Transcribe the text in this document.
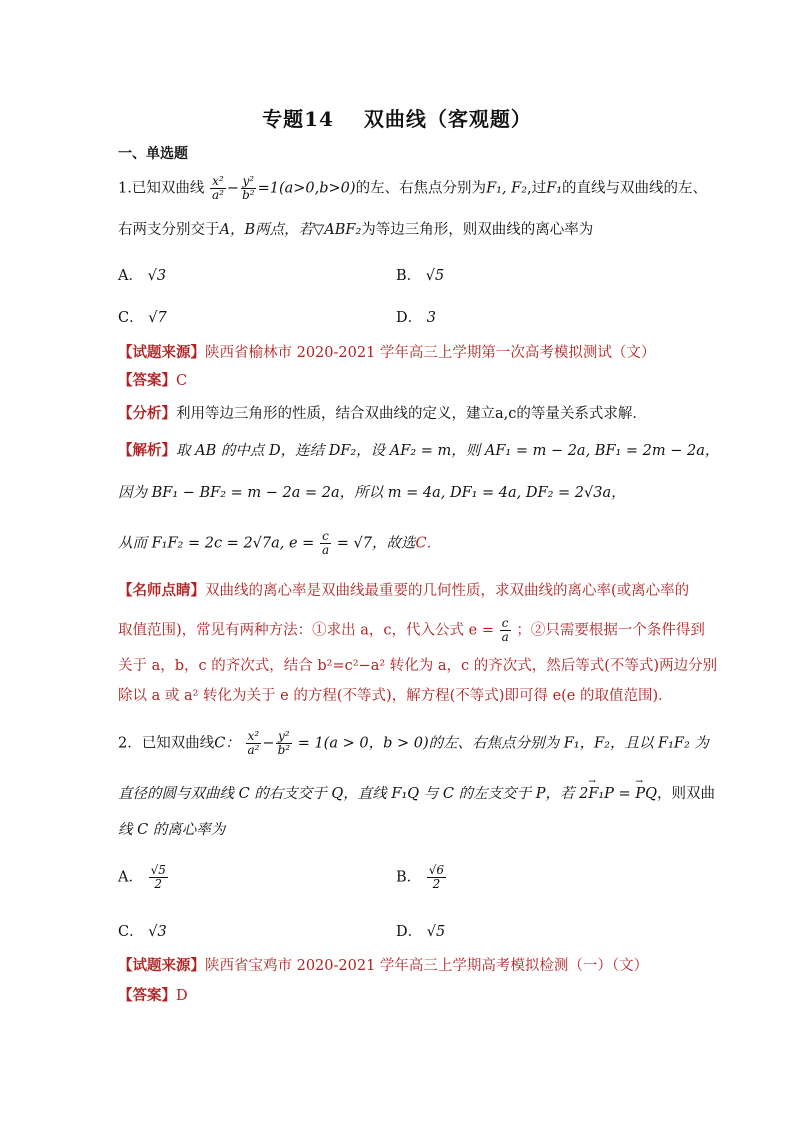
专题14 双曲线（客观题）
一、单选题
1.已知双曲线 $\frac{\text{x²}}{\text{a²}} - \frac{\text{y²}}{\text{b²}} =1(a>0,b>0)$的左、右焦点分别为F₁, F₂,过F₁的直线与双曲线的左、
右两支分别交于A，B两点，若▽ABF₂为等边三角形，则双曲线的离心率为
A． √3	B． √5
C． √7	D． 3
【试题来源】陕西省榆林市 2020-2021 学年高三上学期第一次高考模拟测试（文）
【答案】C
【分析】利用等边三角形的性质，结合双曲线的定义，建立a,c的等量关系式求解．
【解析】取 AB 的中点 D，连结 DF₂，设 AF₂ = m，则 AF₁ = m − 2a, BF₁ = 2m − 2a，
因为 BF₁ − BF₂ = m − 2a = 2a，所以 m = 4a, DF₁ = 4a, DF₂ = 2√3a，
从而 F₁F₂ = 2c = 2√7a, $e = \frac{c}{a} = √7$，故选C．
【名师点睛】双曲线的离心率是双曲线最重要的几何性质，求双曲线的离心率(或离心率的
取值范围)，常见有两种方法：①求出 a，c，代入公式 $e = \frac{c}{a}$ ；②只需要根据一个条件得到
关于 a，b，c 的齐次式，结合 b²=c²−a² 转化为 a，c 的齐次式，然后等式(不等式)两边分别
除以 a 或 a² 转化为关于 e 的方程(不等式)，解方程(不等式)即可得 e(e 的取值范围)．
2．已知双曲线C： $\frac{\text{x²}}{\text{a²}} - \frac{\text{y²}}{\text{b²}} = 1(a > 0$，b > 0)的左、右焦点分别为 F₁，F₂，且以 F₁F₂ 为
直径的圆与双曲线 C 的右支交于 Q，直线 F₁Q 与 C 的左支交于 P，若 2→ F₁P = → PQ，则双曲
线 C 的离心率为
A． $\frac{√5}{2}$	B． $\frac{√6}{2}$
C． √3	D． √5
【试题来源】陕西省宝鸡市 2020-2021 学年高三上学期高考模拟检测（一）（文）
【答案】D
